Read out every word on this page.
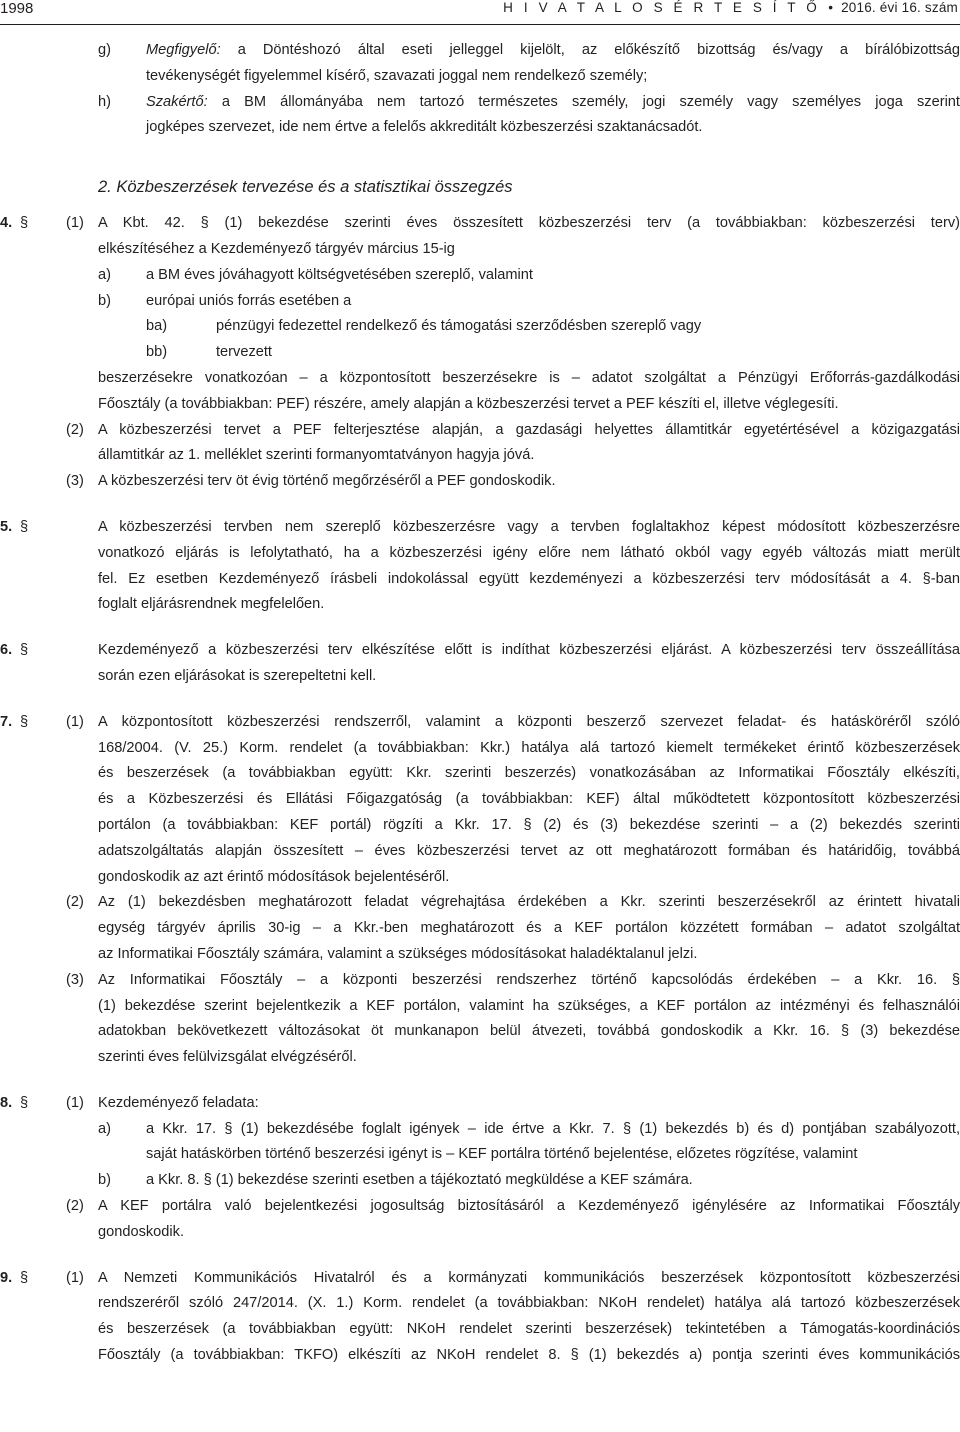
1998	H I V A T A L O S É R T E S Í T Ő • 2016. évi 16. szám
g) Megfigyelő: a Döntéshozó által eseti jelleggel kijelölt, az előkészítő bizottság és/vagy a bírálóbizottság

tevékenységét figyelemmel kísérő, szavazati joggal nem rendelkező személy;

h) Szakértő: a BM állományába nem tartozó természetes személy, jogi személy vagy személyes joga szerint

jogképes szervezet, ide nem értve a felelős akkreditált közbeszerzési szaktanácsadót.

2. Közbeszerzések tervezése és a statisztikai összegzés
4. §	(1) A Kbt. 42. § (1) bekezdése szerinti éves összesített közbeszerzési terv (a továbbiakban: közbeszerzési terv)

elkészítéséhez a Kezdeményező tárgyév március 15-ig

a) a BM éves jóváhagyott költségvetésében szereplő, valamint

b) európai uniós forrás esetében a

ba)	pénzügyi fedezettel rendelkező és támogatási szerződésben szereplő vagy

bb)	tervezett

beszerzésekre vonatkozóan – a központosított beszerzésekre is – adatot szolgáltat a Pénzügyi Erőforrás-gazdálkodási

Főosztály (a továbbiakban: PEF) részére, amely alapján a közbeszerzési tervet a PEF készíti el, illetve véglegesíti.

(2) A közbeszerzési tervet a PEF felterjesztése alapján, a gazdasági helyettes államtitkár egyetértésével a közigazgatási

államtitkár az 1. melléklet szerinti formanyomtatványon hagyja jóvá.

(3) A közbeszerzési terv öt évig történő megőrzéséről a PEF gondoskodik.

5. §	A közbeszerzési tervben nem szereplő közbeszerzésre vagy a tervben foglaltakhoz képest módosított közbeszerzésre

vonatkozó eljárás is lefolytatható, ha a közbeszerzési igény előre nem látható okból vagy egyéb változás miatt merült

fel. Ez esetben Kezdeményező írásbeli indokolással együtt kezdeményezi a közbeszerzési terv módosítását a 4. §-ban

foglalt eljárásrendnek megfelelően.

6. §	Kezdeményező a közbeszerzési terv elkészítése előtt is indíthat közbeszerzési eljárást. A közbeszerzési terv összeállítása

során ezen eljárásokat is szerepeltetni kell.

7. §	(1) A központosított közbeszerzési rendszerről, valamint a központi beszerző szervezet feladat- és hatásköréről szóló

168/2004. (V. 25.) Korm. rendelet (a továbbiakban: Kkr.) hatálya alá tartozó kiemelt termékeket érintő közbeszerzések

és beszerzések (a továbbiakban együtt: Kkr. szerinti beszerzés) vonatkozásában az Informatikai Főosztály elkészíti,

és a Közbeszerzési és Ellátási Főigazgatóság (a továbbiakban: KEF) által működtetett központosított közbeszerzési

portálon (a továbbiakban: KEF portál) rögzíti a Kkr. 17. § (2) és (3) bekezdése szerinti – a (2) bekezdés szerinti

adatszolgáltatás alapján összesített – éves közbeszerzési tervet az ott meghatározott formában és határidőig, továbbá

gondoskodik az azt érintő módosítások bejelentéséről.

(2) Az (1) bekezdésben meghatározott feladat végrehajtása érdekében a Kkr. szerinti beszerzésekről az érintett hivatali

egység tárgyév április 30-ig – a Kkr.-ben meghatározott és a KEF portálon közzétett formában – adatot szolgáltat

az Informatikai Főosztály számára, valamint a szükséges módosításokat haladéktalanul jelzi.

(3) Az Informatikai Főosztály – a központi beszerzési rendszerhez történő kapcsolódás érdekében – a Kkr. 16. §

(1) bekezdése szerint bejelentkezik a KEF portálon, valamint ha szükséges, a KEF portálon az intézményi és felhasználói

adatokban bekövetkezett változásokat öt munkanapon belül átvezeti, továbbá gondoskodik a Kkr. 16. § (3) bekezdése

szerinti éves felülvizsgálat elvégzéséről.

8. §	(1) Kezdeményező feladata:

a) a Kkr. 17. § (1) bekezdésébe foglalt igények – ide értve a Kkr. 7. § (1) bekezdés b) és d) pontjában szabályozott,

saját hatáskörben történő beszerzési igényt is – KEF portálra történő bejelentése, előzetes rögzítése, valamint

b) a Kkr. 8. § (1) bekezdése szerinti esetben a tájékoztató megküldése a KEF számára.

(2) A KEF portálra való bejelentkezési jogosultság biztosításáról a Kezdeményező igénylésére az Informatikai Főosztály

gondoskodik.

9. §	(1) A Nemzeti Kommunikációs Hivatalról és a kormányzati kommunikációs beszerzések központosított közbeszerzési

rendszeréről szóló 247/2014. (X. 1.) Korm. rendelet (a továbbiakban: NKoH rendelet) hatálya alá tartozó közbeszerzések

és beszerzések (a továbbiakban együtt: NKoH rendelet szerinti beszerzések) tekintetében a Támogatás-koordinációs

Főosztály (a továbbiakban: TKFO) elkészíti az NKoH rendelet 8. § (1) bekezdés a) pontja szerinti éves kommunikációs
